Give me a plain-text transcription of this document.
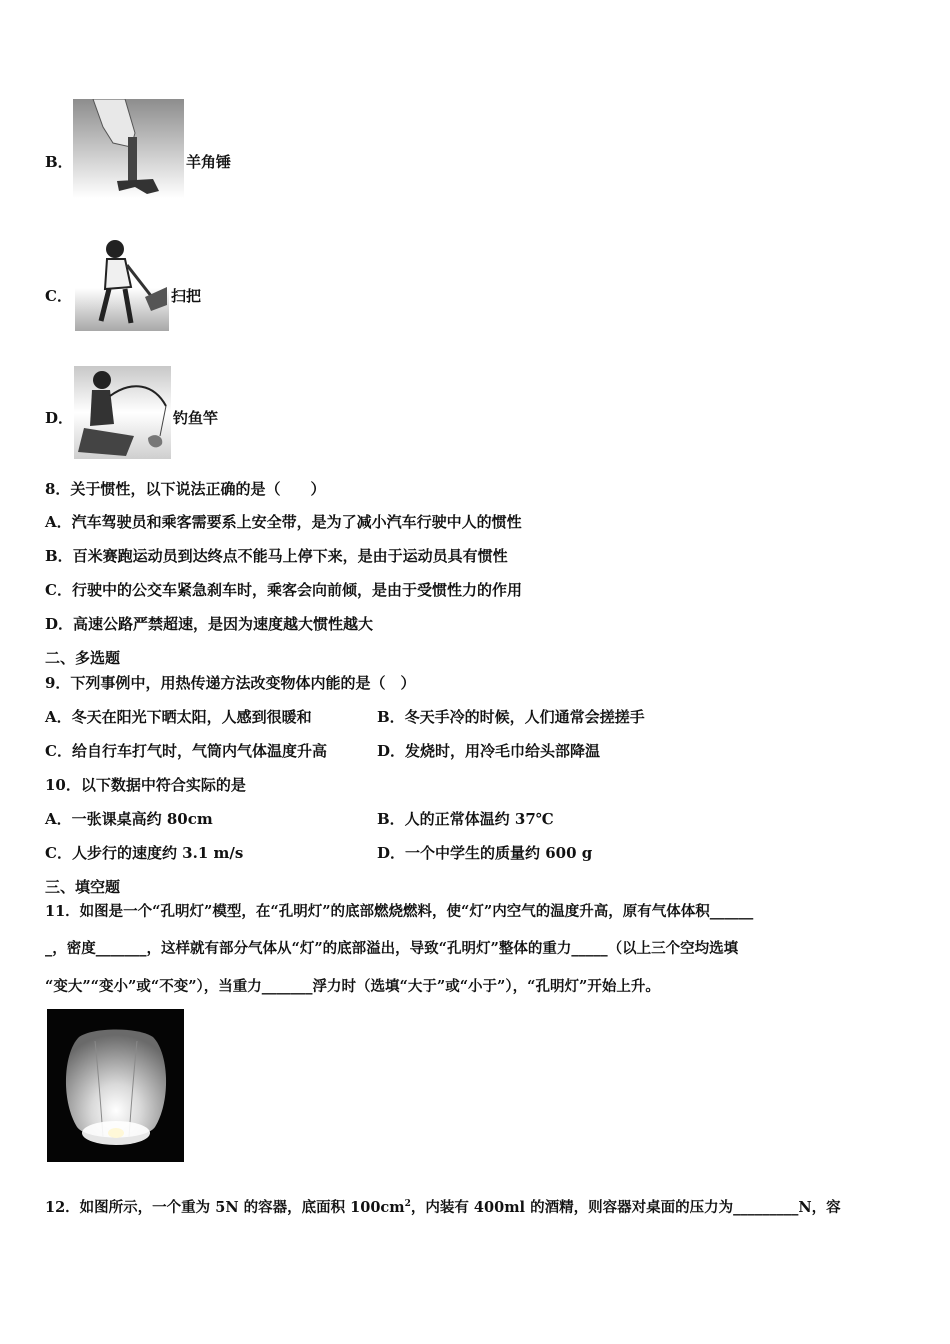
B．	羊角锤
C．	扫把
D．	钓鱼竿
8．关于惯性，以下说法正确的是（　　）
A．汽车驾驶员和乘客需要系上安全带，是为了减小汽车行驶中人的惯性
B．百米赛跑运动员到达终点不能马上停下来，是由于运动员具有惯性
C．行驶中的公交车紧急刹车时，乘客会向前倾，是由于受惯性力的作用
D．高速公路严禁超速，是因为速度越大惯性越大
二、多选题
9．下列事例中，用热传递方法改变物体内能的是（　）
A．冬天在阳光下晒太阳，人感到很暖和	B．冬天手冷的时候，人们通常会搓搓手
C．给自行车打气时，气筒内气体温度升高	D．发烧时，用冷毛巾给头部降温
10．以下数据中符合实际的是
A．一张课桌高约 80cm	B．人的正常体温约 37℃
C．人步行的速度约 3.1 m/s	D．一个中学生的质量约 600 g
三、填空题
11．如图是一个“孔明灯”模型，在“孔明灯”的底部燃烧燃料，使“灯”内空气的温度升高，原有气体体积______
_，密度_______，这样就有部分气体从“灯”的底部溢出，导致“孔明灯”整体的重力_____（以上三个空均选填
“变大”“变小”或“不变”），当重力_______浮力时（选填“大于”或“小于”），“孔明灯”开始上升。
12．如图所示，一个重为 5N 的容器，底面积 $100cm^2$，内装有 400ml 的酒精，则容器对桌面的压力为_________N，容
